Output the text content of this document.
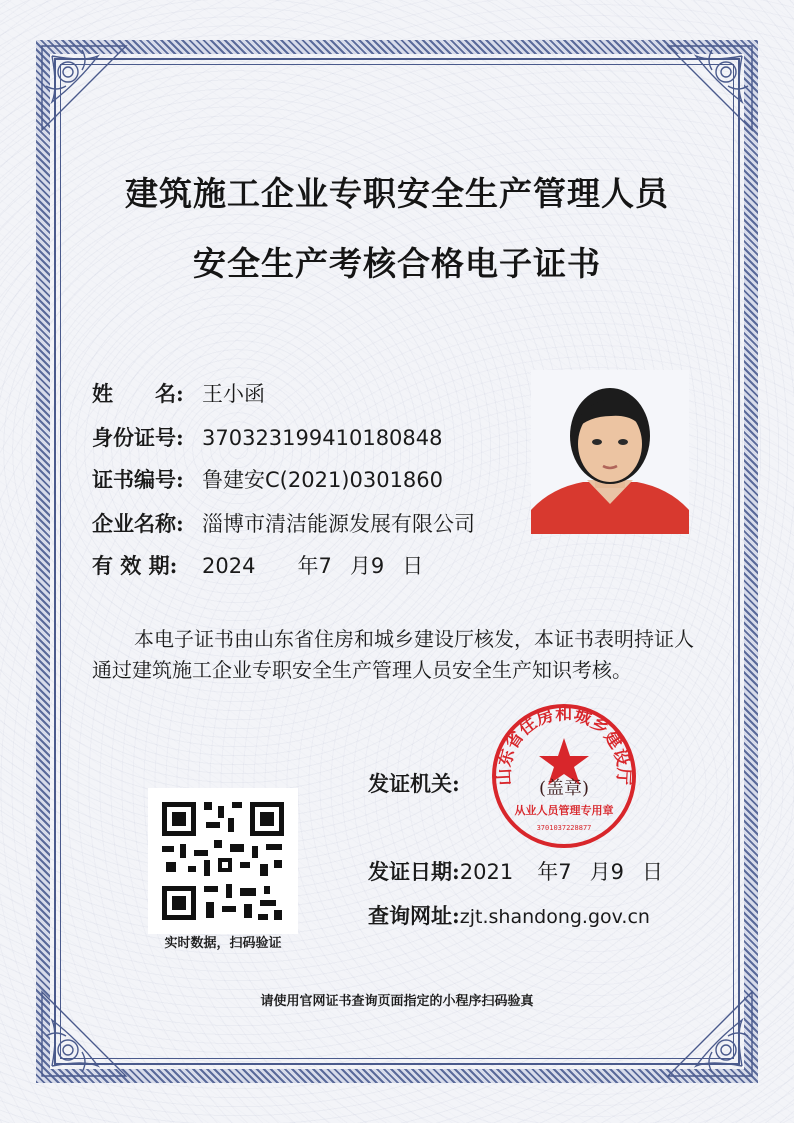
建筑施工企业专职安全生产管理人员
安全生产考核合格电子证书
姓　　名: 王小函
身份证号: 370323199410180848
证书编号: 鲁建安C(2021)0301860
企业名称: 淄博市清洁能源发展有限公司
有 效 期: 2024 年7 月9 日
本电子证书由山东省住房和城乡建设厅核发，本证书表明持证人通过建筑施工企业专职安全生产管理人员安全生产知识考核。
发证机关: 山东省住房和城乡建设厅
(盖章)
从业人员管理专用章
3701037228877
实时数据，扫码验证
发证日期:2021 年7 月9 日
查询网址:zjt.shandong.gov.cn
请使用官网证书查询页面指定的小程序扫码验真
